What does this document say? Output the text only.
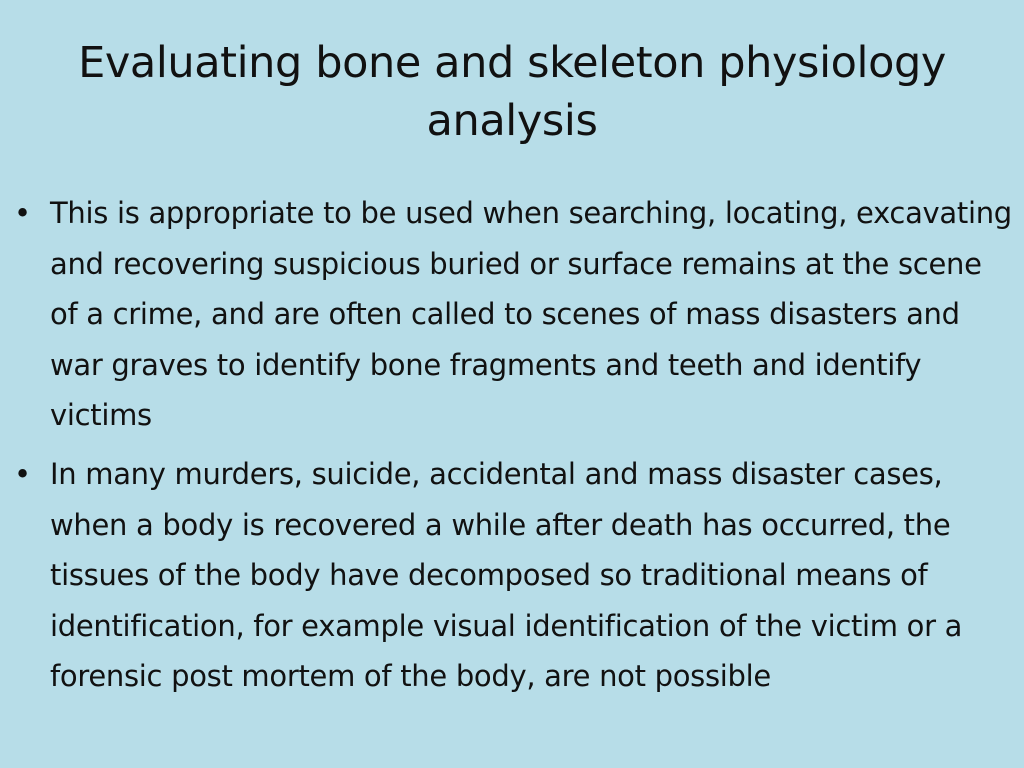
Evaluating bone and skeleton physiology analysis
• This is appropriate to be used when searching, locating, excavating and recovering suspicious buried or surface remains at the scene of a crime, and are often called to scenes of mass disasters and war graves to identify bone fragments and teeth and identify victims
• In many murders, suicide, accidental and mass disaster cases, when a body is recovered a while after death has occurred, the tissues of the body have decomposed so traditional means of identification, for example visual identification of the victim or a forensic post mortem of the body, are not possible
